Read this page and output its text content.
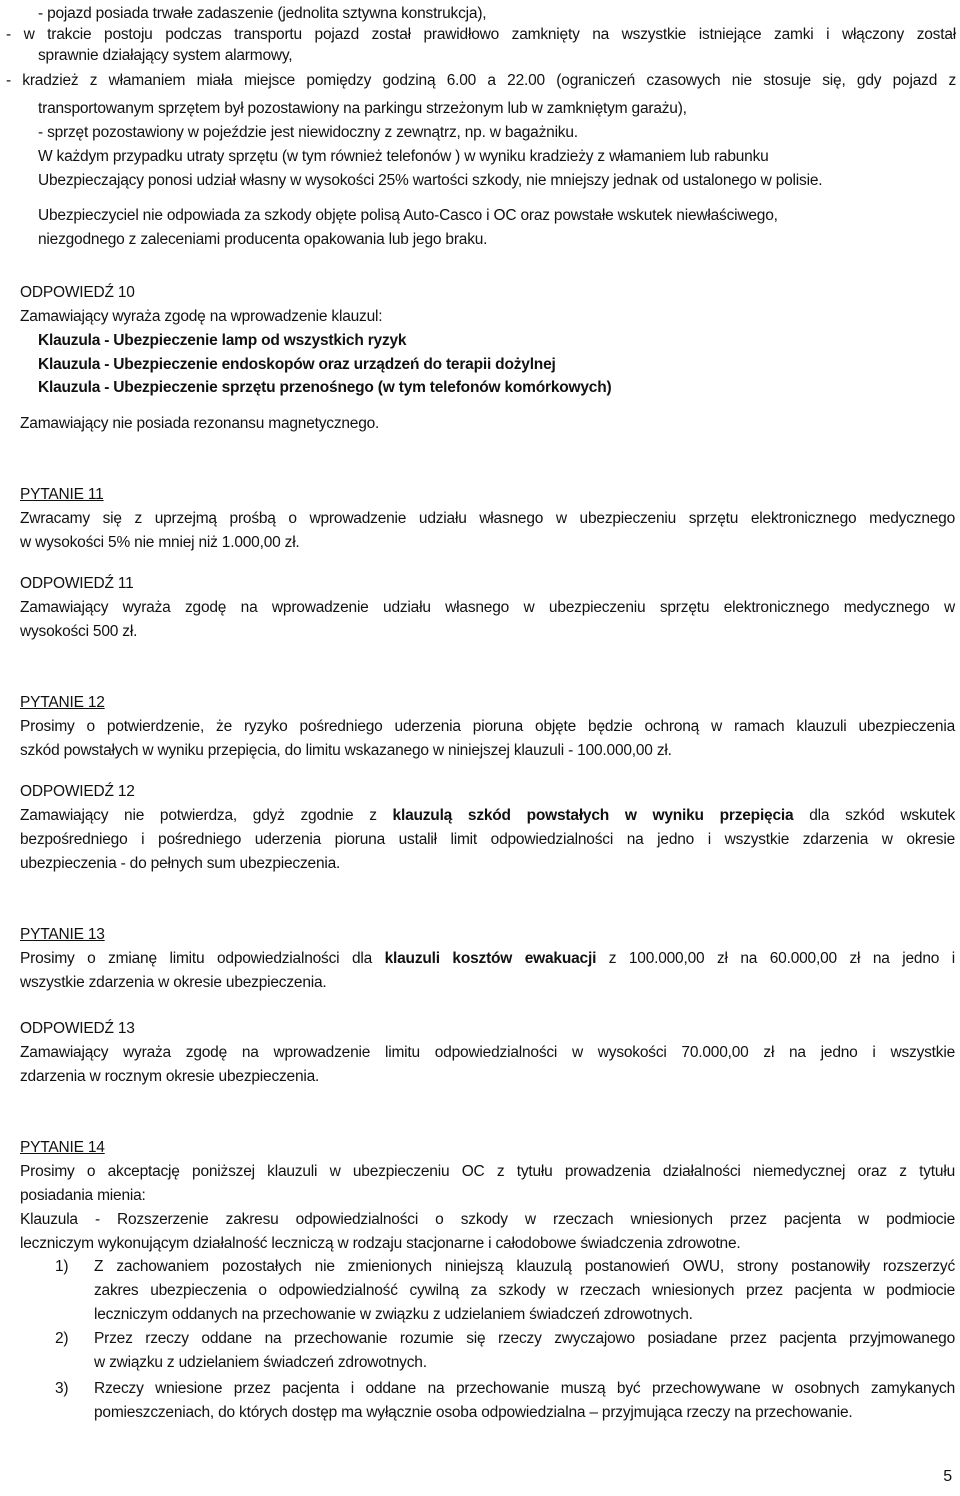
- pojazd posiada trwałe zadaszenie (jednolita sztywna konstrukcja),
- w trakcie postoju podczas transportu pojazd został prawidłowo zamknięty na wszystkie istniejące zamki i włączony został
sprawnie działający system alarmowy,
- kradzież z włamaniem miała miejsce pomiędzy godziną 6.00 a 22.00 (ograniczeń czasowych nie stosuje się, gdy pojazd z
transportowanym sprzętem był pozostawiony na parkingu strzeżonym lub w zamkniętym garażu),
- sprzęt pozostawiony w pojeździe jest niewidoczny z zewnątrz, np. w bagażniku.
W każdym przypadku utraty sprzętu (w tym również telefonów ) w wyniku kradzieży z włamaniem lub rabunku
Ubezpieczający ponosi udział własny w wysokości 25% wartości szkody, nie mniejszy jednak od ustalonego w polisie.
Ubezpieczyciel nie odpowiada za szkody objęte polisą Auto-Casco i OC oraz powstałe wskutek niewłaściwego,
niezgodnego z zaleceniami producenta opakowania lub jego braku.
ODPOWIEDŹ 10
Zamawiający wyraża zgodę na wprowadzenie klauzul:
Klauzula - Ubezpieczenie lamp od wszystkich ryzyk
Klauzula - Ubezpieczenie endoskopów oraz urządzeń do terapii dożylnej
Klauzula - Ubezpieczenie sprzętu przenośnego (w tym telefonów komórkowych)
Zamawiający nie posiada rezonansu magnetycznego.
PYTANIE 11
Zwracamy się z uprzejmą prośbą o wprowadzenie udziału własnego w ubezpieczeniu sprzętu elektronicznego medycznego
w wysokości 5% nie mniej niż 1.000,00 zł.
ODPOWIEDŹ 11
Zamawiający wyraża zgodę na wprowadzenie udziału własnego w ubezpieczeniu sprzętu elektronicznego medycznego w
wysokości 500 zł.
PYTANIE 12
Prosimy o potwierdzenie, że ryzyko pośredniego uderzenia pioruna objęte będzie ochroną w ramach klauzuli ubezpieczenia
szkód powstałych w wyniku przepięcia, do limitu wskazanego w niniejszej klauzuli - 100.000,00 zł.
ODPOWIEDŹ 12
Zamawiający nie potwierdza, gdyż zgodnie z klauzulą szkód powstałych w wyniku przepięcia dla szkód wskutek
bezpośredniego i pośredniego uderzenia pioruna ustalił limit odpowiedzialności na jedno i wszystkie zdarzenia w okresie
ubezpieczenia - do pełnych sum ubezpieczenia.
PYTANIE 13
Prosimy o zmianę limitu odpowiedzialności dla klauzuli kosztów ewakuacji z 100.000,00 zł na 60.000,00 zł na jedno i
wszystkie zdarzenia w okresie ubezpieczenia.
ODPOWIEDŹ 13
Zamawiający wyraża zgodę na wprowadzenie limitu odpowiedzialności w wysokości 70.000,00 zł na jedno i wszystkie
zdarzenia w rocznym okresie ubezpieczenia.
PYTANIE 14
Prosimy o akceptację poniższej klauzuli w ubezpieczeniu OC z tytułu prowadzenia działalności niemedycznej oraz z tytułu
posiadania mienia:
Klauzula - Rozszerzenie zakresu odpowiedzialności o szkody w rzeczach wniesionych przez pacjenta w podmiocie
leczniczym wykonującym działalność leczniczą w rodzaju stacjonarne i całodobowe świadczenia zdrowotne.
1) Z zachowaniem pozostałych nie zmienionych niniejszą klauzulą postanowień OWU, strony postanowiły rozszerzyć
zakres ubezpieczenia o odpowiedzialność cywilną za szkody w rzeczach wniesionych przez pacjenta w podmiocie
leczniczym oddanych na przechowanie w związku z udzielaniem świadczeń zdrowotnych.
2) Przez rzeczy oddane na przechowanie rozumie się rzeczy zwyczajowo posiadane przez pacjenta przyjmowanego
w związku z udzielaniem świadczeń zdrowotnych.
3) Rzeczy wniesione przez pacjenta i oddane na przechowanie muszą być przechowywane w osobnych zamykanych
pomieszczeniach, do których dostęp ma wyłącznie osoba odpowiedzialna – przyjmująca rzeczy na przechowanie.
5
